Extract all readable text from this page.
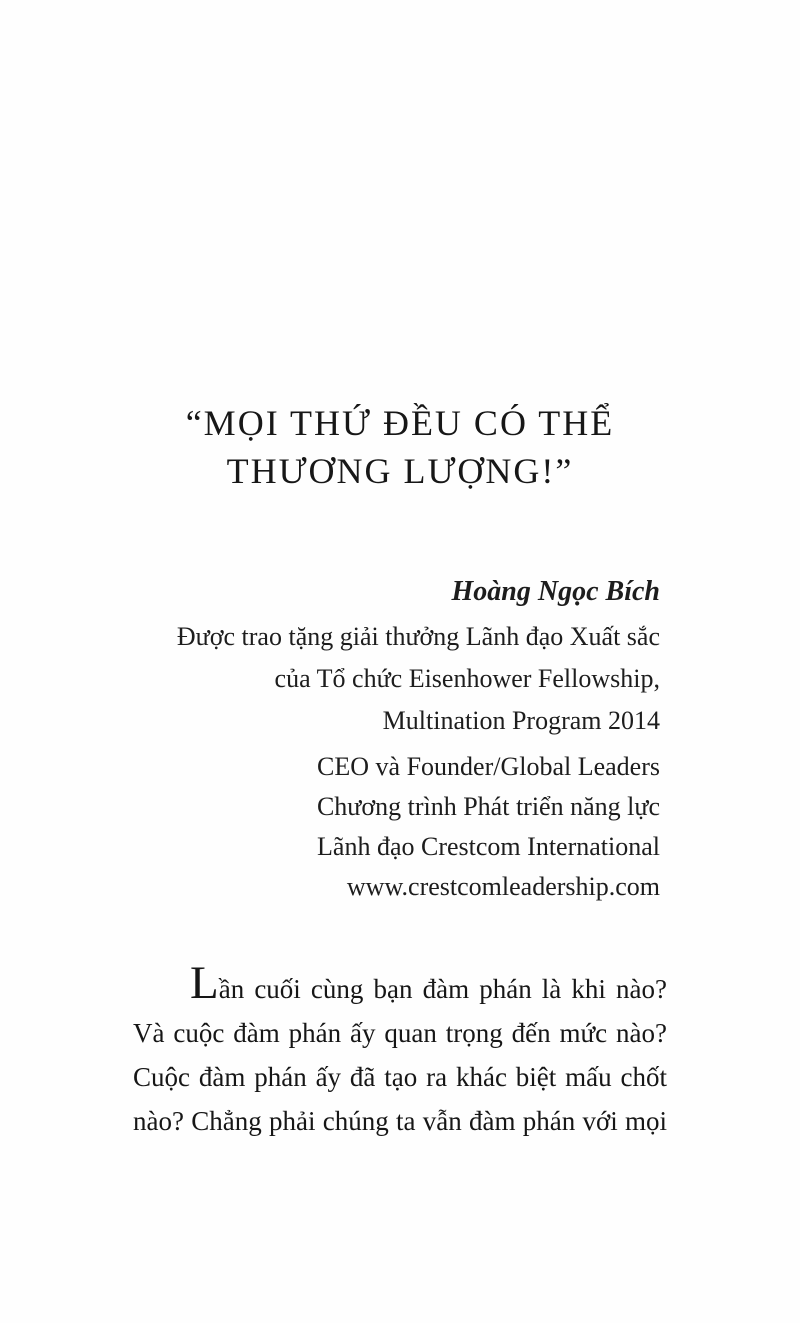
“MỌI THỨ ĐỀU CÓ THỂ
THƯƠNG LƯỢNG!”
Hoàng Ngọc Bích
Được trao tặng giải thưởng Lãnh đạo Xuất sắc
của Tổ chức Eisenhower Fellowship,
Multination Program 2014
CEO và Founder/Global Leaders
Chương trình Phát triển năng lực
Lãnh đạo Crestcom International
www.crestcomleadership.com
Lần cuối cùng bạn đàm phán là khi nào?
Và cuộc đàm phán ấy quan trọng đến mức nào?
Cuộc đàm phán ấy đã tạo ra khác biệt mấu chốt
nào? Chẳng phải chúng ta vẫn đàm phán với mọi
